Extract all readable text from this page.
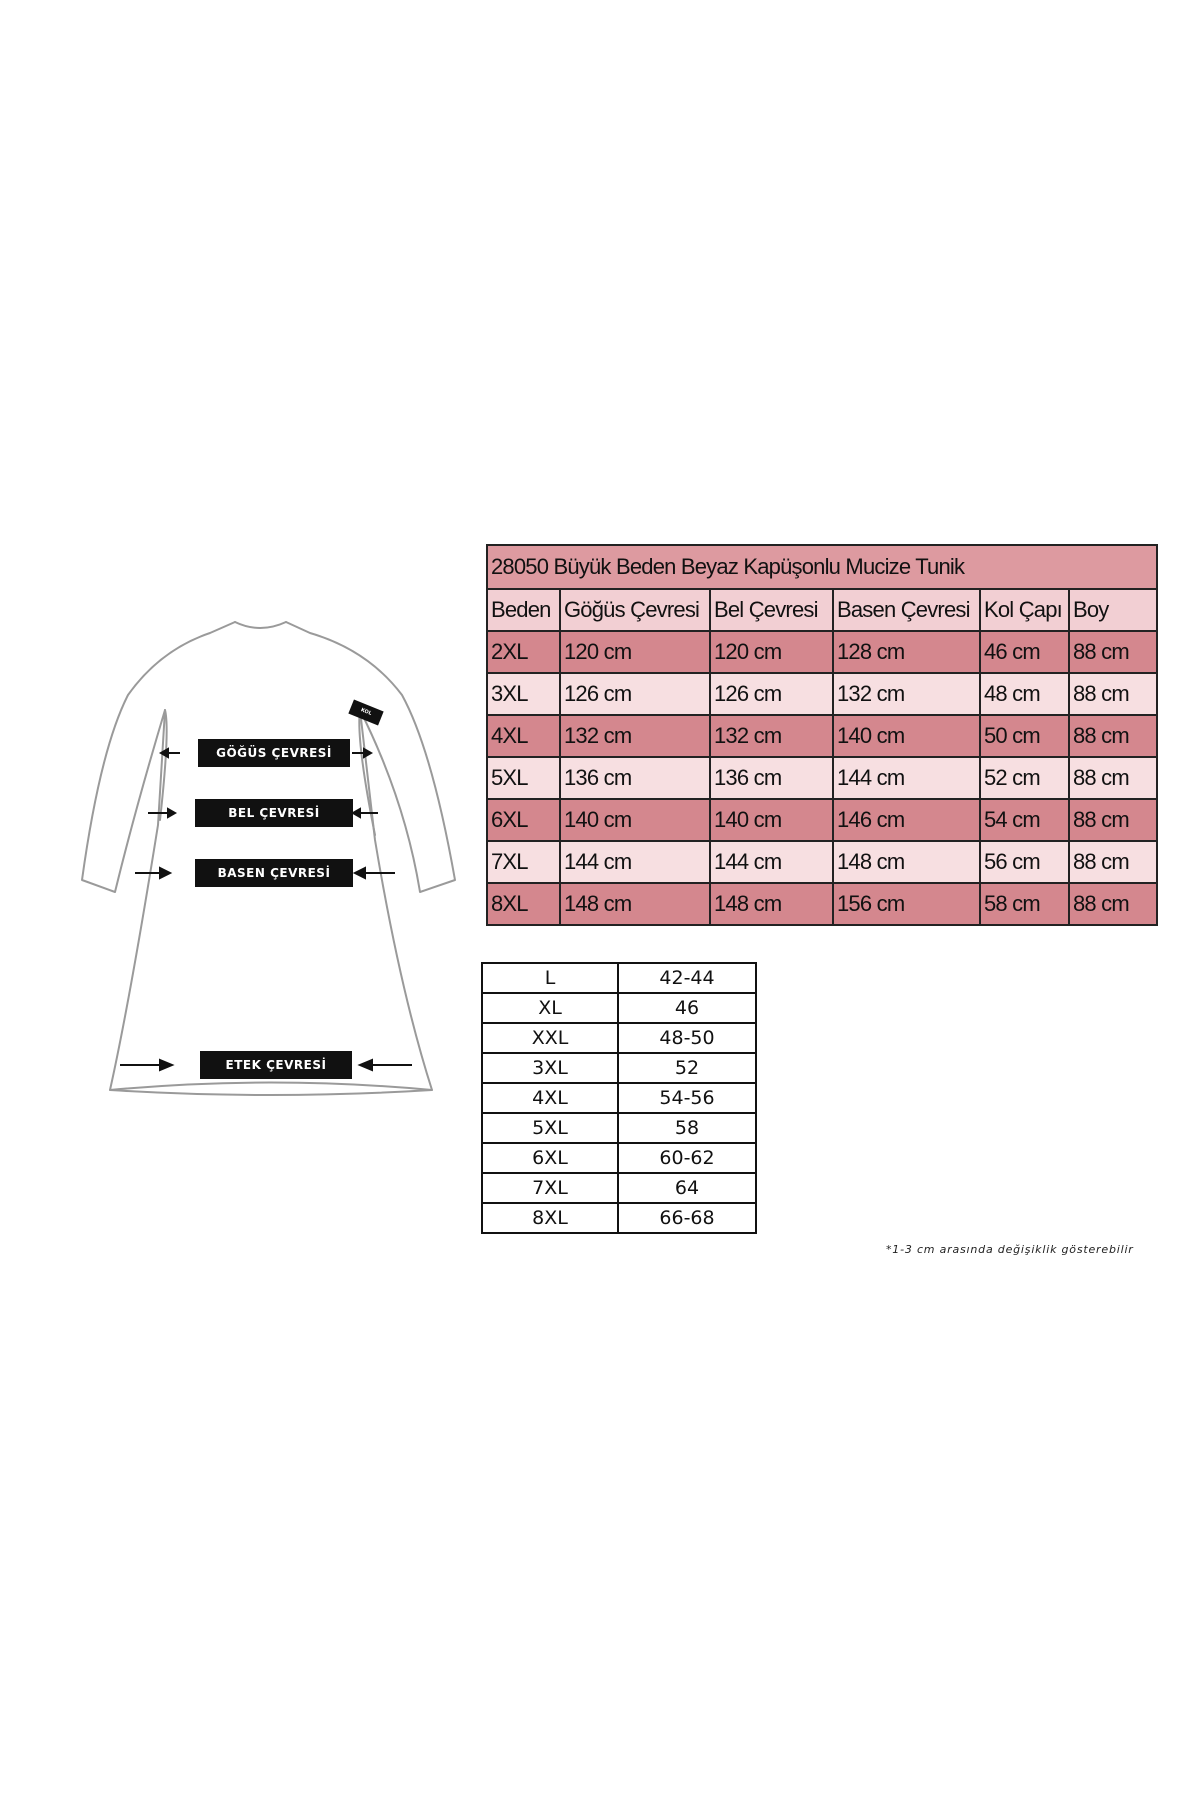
GÖĞÜS ÇEVRESİ
BEL ÇEVRESİ
BASEN ÇEVRESİ
ETEK ÇEVRESİ
KOL
28050 Büyük Beden Beyaz Kapüşonlu Mucize Tunik					
Beden	Göğüs Çevresi	Bel Çevresi	Basen Çevresi	Kol Çapı	Boy
2XL	120 cm	120 cm	128 cm	46 cm	88 cm
3XL	126 cm	126 cm	132 cm	48 cm	88 cm
4XL	132 cm	132 cm	140 cm	50 cm	88 cm
5XL	136 cm	136 cm	144 cm	52 cm	88 cm
6XL	140 cm	140 cm	146 cm	54 cm	88 cm
7XL	144 cm	144 cm	148 cm	56 cm	88 cm
8XL	148 cm	148 cm	156 cm	58 cm	88 cm
L	42-44
XL	46
XXL	48-50
3XL	52
4XL	54-56
5XL	58
6XL	60-62
7XL	64
8XL	66-68
*1-3 cm arasında değişiklik gösterebilir
